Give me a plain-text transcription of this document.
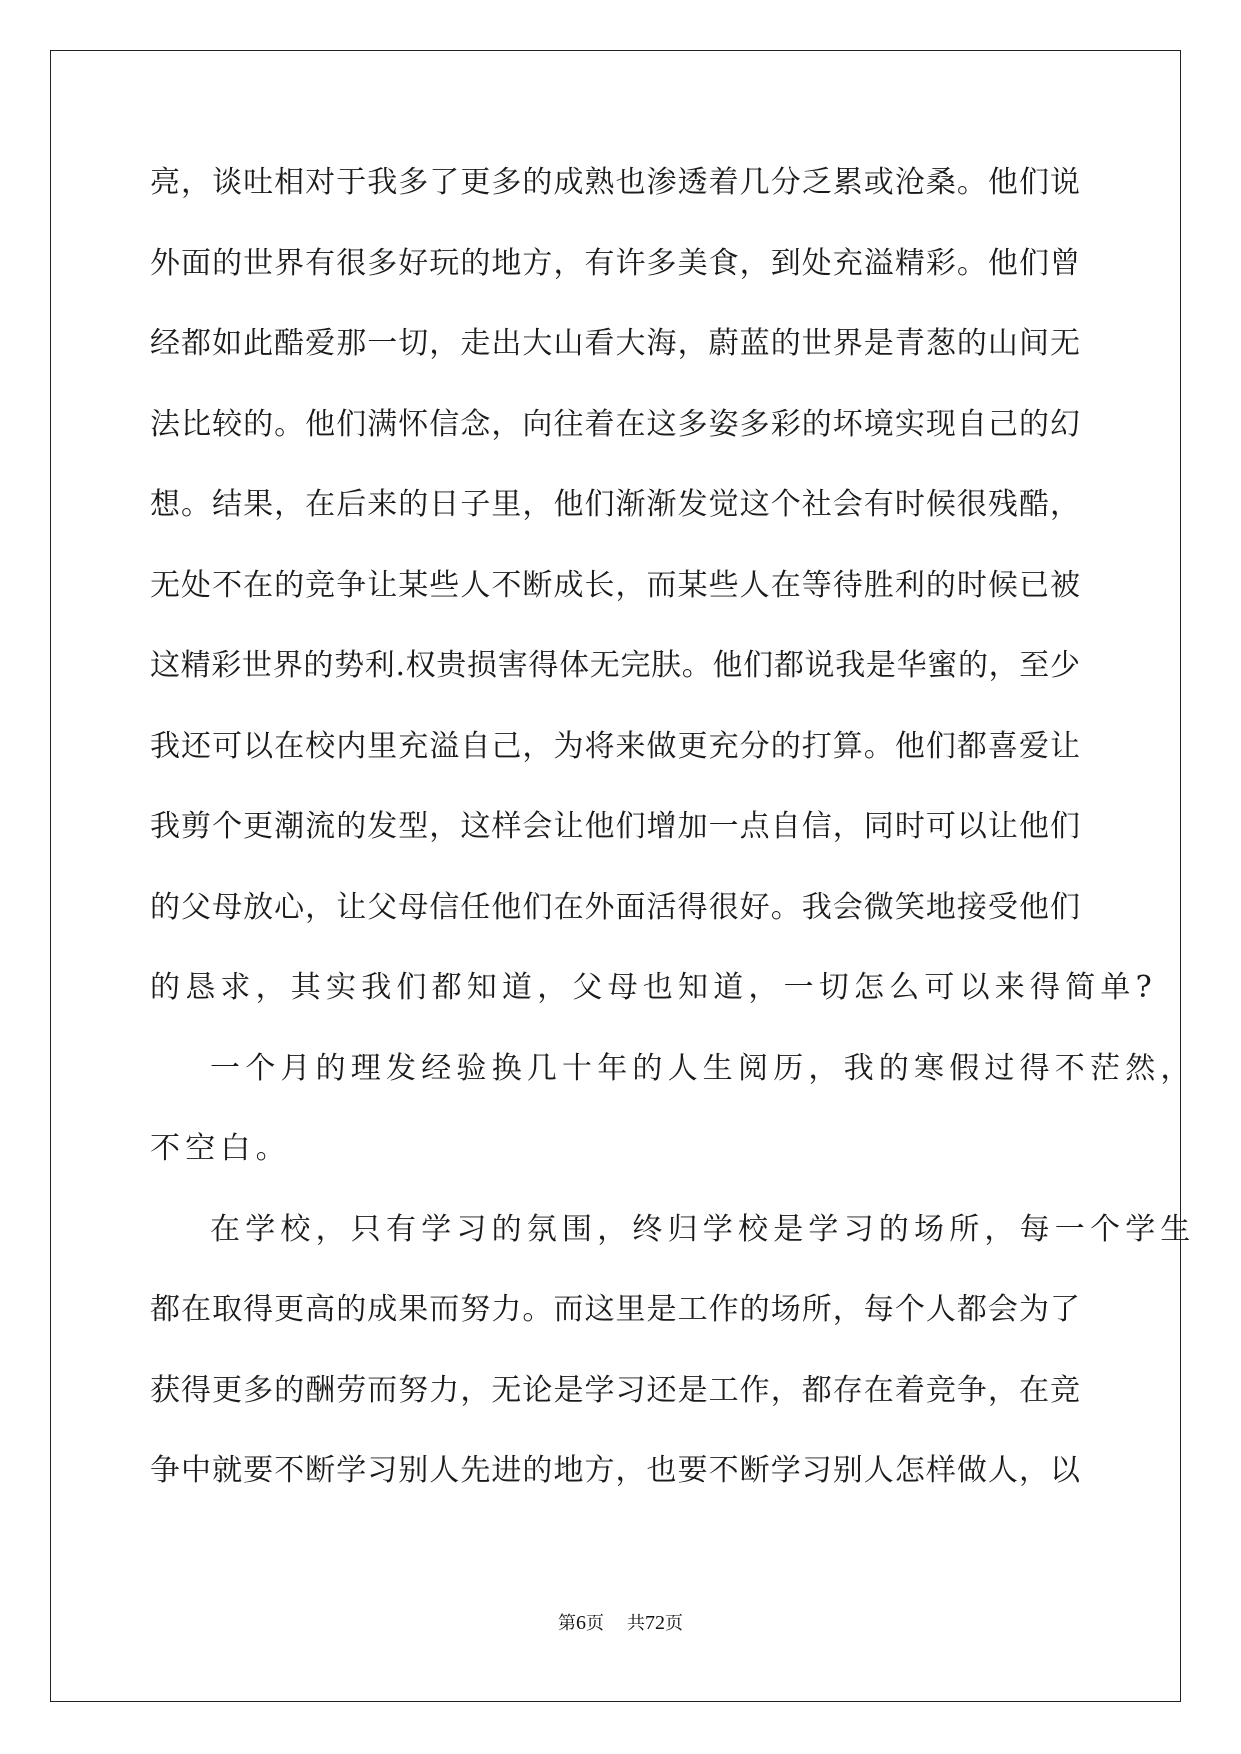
亮，谈吐相对于我多了更多的成熟也渗透着几分乏累或沧桑。他们说
外面的世界有很多好玩的地方，有许多美食，到处充溢精彩。他们曾
经都如此酷爱那一切，走出大山看大海，蔚蓝的世界是青葱的山间无
法比较的。他们满怀信念，向往着在这多姿多彩的坏境实现自己的幻
想。结果，在后来的日子里，他们渐渐发觉这个社会有时候很残酷，
无处不在的竞争让某些人不断成长，而某些人在等待胜利的时候已被
这精彩世界的势利.权贵损害得体无完肤。他们都说我是华蜜的，至少
我还可以在校内里充溢自己，为将来做更充分的打算。他们都喜爱让
我剪个更潮流的发型，这样会让他们增加一点自信，同时可以让他们
的父母放心，让父母信任他们在外面活得很好。我会微笑地接受他们
的恳求，其实我们都知道，父母也知道，一切怎么可以来得简单?
一个月的理发经验换几十年的人生阅历，我的寒假过得不茫然，
不空白。
在学校，只有学习的氛围，终归学校是学习的场所，每一个学生
都在取得更高的成果而努力。而这里是工作的场所，每个人都会为了
获得更多的酬劳而努力，无论是学习还是工作，都存在着竞争，在竞
争中就要不断学习别人先进的地方，也要不断学习别人怎样做人，以
第6页 共72页
